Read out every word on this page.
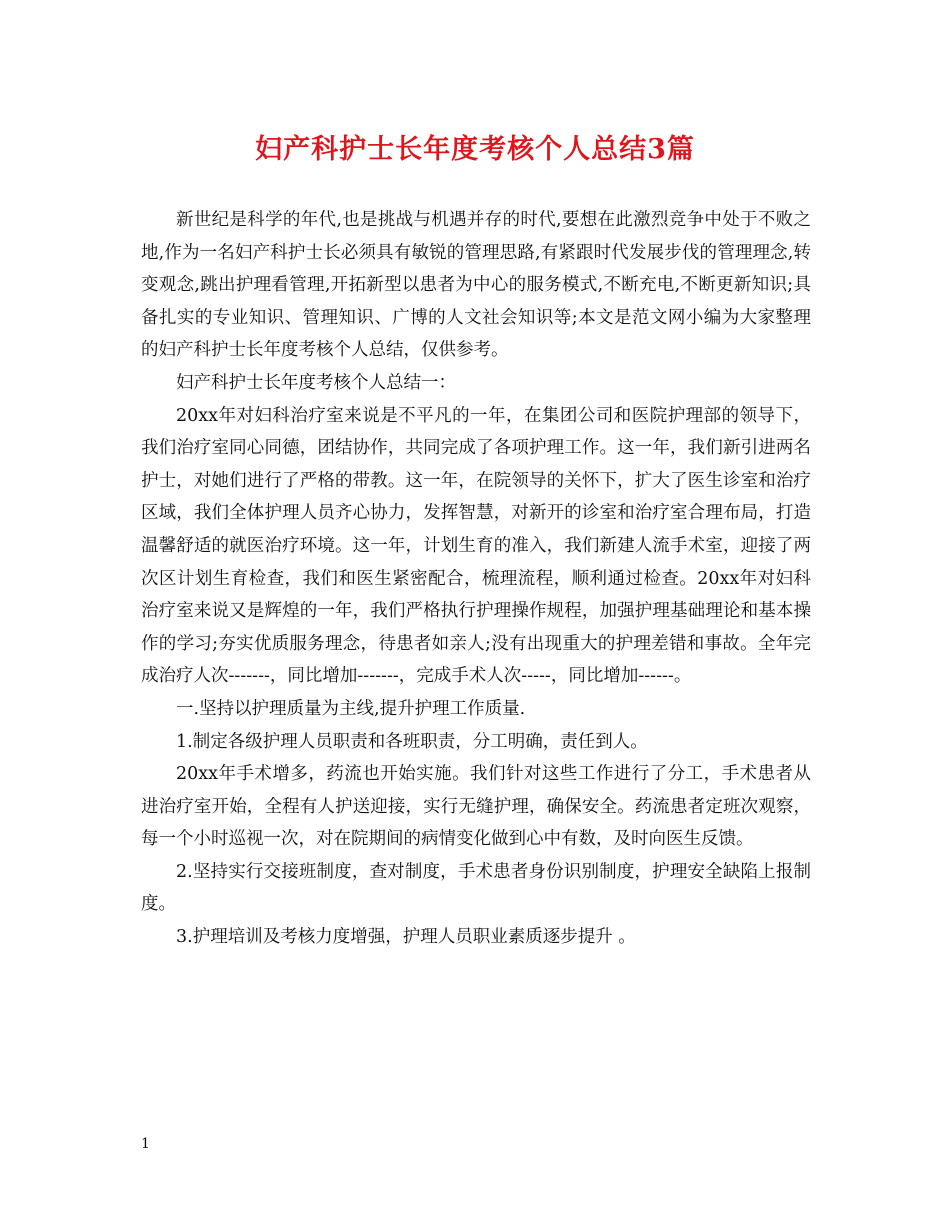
妇产科护士长年度考核个人总结3篇

新世纪是科学的年代,也是挑战与机遇并存的时代,要想在此激烈竞争中处于不败之地,作为一名妇产科护士长必须具有敏锐的管理思路,有紧跟时代发展步伐的管理理念,转变观念,跳出护理看管理,开拓新型以患者为中心的服务模式,不断充电,不断更新知识;具备扎实的专业知识、管理知识、广博的人文社会知识等;本文是范文网小编为大家整理的妇产科护士长年度考核个人总结，仅供参考。

妇产科护士长年度考核个人总结一：

20xx年对妇科治疗室来说是不平凡的一年，在集团公司和医院护理部的领导下，我们治疗室同心同德，团结协作，共同完成了各项护理工作。这一年，我们新引进两名护士，对她们进行了严格的带教。这一年，在院领导的关怀下，扩大了医生诊室和治疗区域，我们全体护理人员齐心协力，发挥智慧，对新开的诊室和治疗室合理布局，打造温馨舒适的就医治疗环境。这一年，计划生育的准入，我们新建人流手术室，迎接了两次区计划生育检查，我们和医生紧密配合，梳理流程，顺利通过检查。20xx年对妇科治疗室来说又是辉煌的一年，我们严格执行护理操作规程，加强护理基础理论和基本操作的学习;夯实优质服务理念，待患者如亲人;没有出现重大的护理差错和事故。全年完成治疗人次-------，同比增加-------，完成手术人次-----，同比增加------。

一.坚持以护理质量为主线,提升护理工作质量.

1.制定各级护理人员职责和各班职责，分工明确，责任到人。

20xx年手术增多，药流也开始实施。我们针对这些工作进行了分工，手术患者从进治疗室开始，全程有人护送迎接，实行无缝护理，确保安全。药流患者定班次观察，每一个小时巡视一次，对在院期间的病情变化做到心中有数，及时向医生反馈。

2.坚持实行交接班制度，查对制度，手术患者身份识别制度，护理安全缺陷上报制度。

3.护理培训及考核力度增强，护理人员职业素质逐步提升 。

1
